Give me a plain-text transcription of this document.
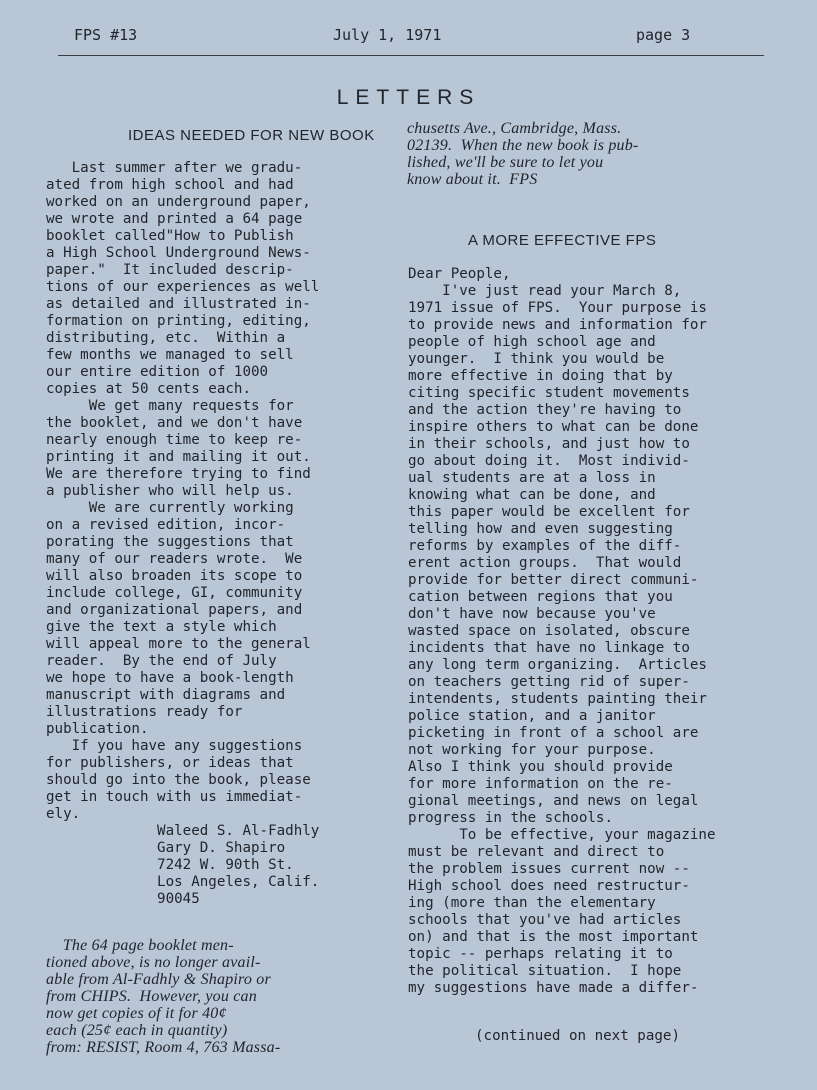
FPS #13	July 1, 1971	page 3
LETTERS
IDEAS NEEDED FOR NEW BOOK
Last summer after we gradu-
ated from high school and had
worked on an underground paper,
we wrote and printed a 64 page
booklet called"How to Publish
a High School Underground News-
paper."  It included descrip-
tions of our experiences as well
as detailed and illustrated in-
formation on printing, editing,
distributing, etc.  Within a
few months we managed to sell
our entire edition of 1000
copies at 50 cents each.
We get many requests for
the booklet, and we don't have
nearly enough time to keep re-
printing it and mailing it out.
We are therefore trying to find
a publisher who will help us.
We are currently working
on a revised edition, incor-
porating the suggestions that
many of our readers wrote.  We
will also broaden its scope to
include college, GI, community
and organizational papers, and
give the text a style which
will appeal more to the general
reader.  By the end of July
we hope to have a book-length
manuscript with diagrams and
illustrations ready for
publication.
If you have any suggestions
for publishers, or ideas that
should go into the book, please
get in touch with us immediat-
ely.
Waleed S. Al-Fadhly
Gary D. Shapiro
7242 W. 90th St.
Los Angeles, Calif.
90045
The 64 page booklet men-
tioned above, is no longer avail-
able from Al-Fadhly & Shapiro or
from CHIPS.  However, you can
now get copies of it for 40¢
each (25¢ each in quantity)
from: RESIST, Room 4, 763 Massa-
chusetts Ave., Cambridge, Mass.
02139.  When the new book is pub-
lished, we'll be sure to let you
know about it.  FPS
A MORE EFFECTIVE FPS
Dear People,
I've just read your March 8,
1971 issue of FPS.  Your purpose is
to provide news and information for
people of high school age and
younger.  I think you would be
more effective in doing that by
citing specific student movements
and the action they're having to
inspire others to what can be done
in their schools, and just how to
go about doing it.  Most individ-
ual students are at a loss in
knowing what can be done, and
this paper would be excellent for
telling how and even suggesting
reforms by examples of the diff-
erent action groups.  That would
provide for better direct communi-
cation between regions that you
don't have now because you've
wasted space on isolated, obscure
incidents that have no linkage to
any long term organizing.  Articles
on teachers getting rid of super-
intendents, students painting their
police station, and a janitor
picketing in front of a school are
not working for your purpose.
Also I think you should provide
for more information on the re-
gional meetings, and news on legal
progress in the schools.
To be effective, your magazine
must be relevant and direct to
the problem issues current now --
High school does need restructur-
ing (more than the elementary
schools that you've had articles
on) and that is the most important
topic -- perhaps relating it to
the political situation.  I hope
my suggestions have made a differ-
(continued on next page)
